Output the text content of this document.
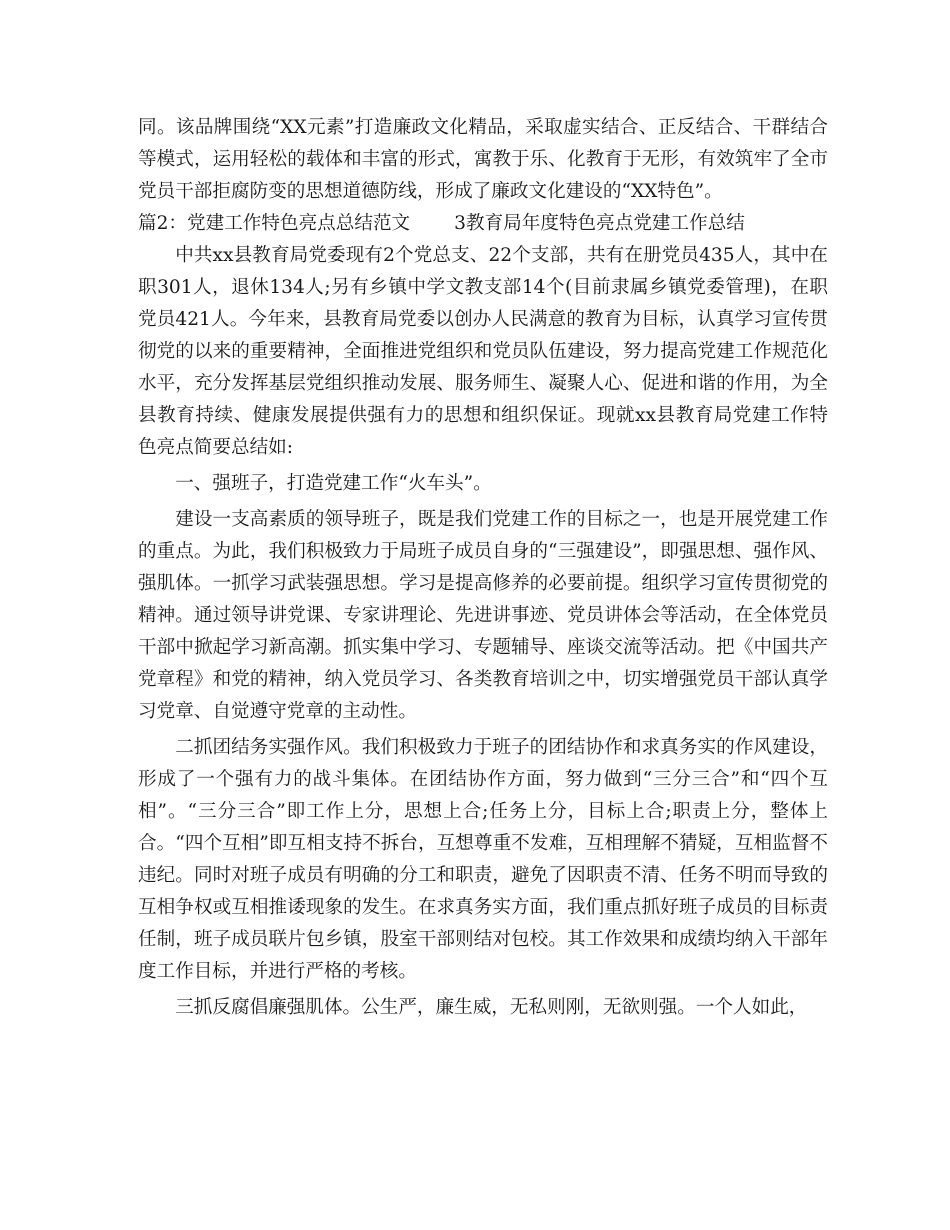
同。该品牌围绕“XX元素”打造廉政文化精品，采取虚实结合、正反结合、干群结合等模式，运用轻松的载体和丰富的形式，寓教于乐、化教育于无形，有效筑牢了全市党员干部拒腐防变的思想道德防线，形成了廉政文化建设的“XX特色”。

篇2：党建工作特色亮点总结范文 3教育局年度特色亮点党建工作总结

中共xx县教育局党委现有2个党总支、22个支部，共有在册党员435人，其中在职301人，退休134人;另有乡镇中学文教支部14个(目前隶属乡镇党委管理)，在职党员421人。今年来，县教育局党委以创办人民满意的教育为目标，认真学习宣传贯彻党的以来的重要精神，全面推进党组织和党员队伍建设，努力提高党建工作规范化水平，充分发挥基层党组织推动发展、服务师生、凝聚人心、促进和谐的作用，为全县教育持续、健康发展提供强有力的思想和组织保证。现就xx县教育局党建工作特色亮点简要总结如:

一、强班子，打造党建工作“火车头”。

建设一支高素质的领导班子，既是我们党建工作的目标之一，也是开展党建工作的重点。为此，我们积极致力于局班子成员自身的“三强建设”，即强思想、强作风、强肌体。一抓学习武装强思想。学习是提高修养的必要前提。组织学习宣传贯彻党的精神。通过领导讲党课、专家讲理论、先进讲事迹、党员讲体会等活动，在全体党员干部中掀起学习新高潮。抓实集中学习、专题辅导、座谈交流等活动。把《中国共产党章程》和党的精神，纳入党员学习、各类教育培训之中，切实增强党员干部认真学习党章、自觉遵守党章的主动性。

二抓团结务实强作风。我们积极致力于班子的团结协作和求真务实的作风建设，形成了一个强有力的战斗集体。在团结协作方面，努力做到“三分三合”和“四个互相”。“三分三合”即工作上分，思想上合;任务上分，目标上合;职责上分，整体上合。“四个互相”即互相支持不拆台，互想尊重不发难，互相理解不猜疑，互相监督不违纪。同时对班子成员有明确的分工和职责，避免了因职责不清、任务不明而导致的互相争权或互相推诿现象的发生。在求真务实方面，我们重点抓好班子成员的目标责任制，班子成员联片包乡镇，股室干部则结对包校。其工作效果和成绩均纳入干部年度工作目标，并进行严格的考核。

三抓反腐倡廉强肌体。公生严，廉生威，无私则刚，无欲则强。一个人如此，
